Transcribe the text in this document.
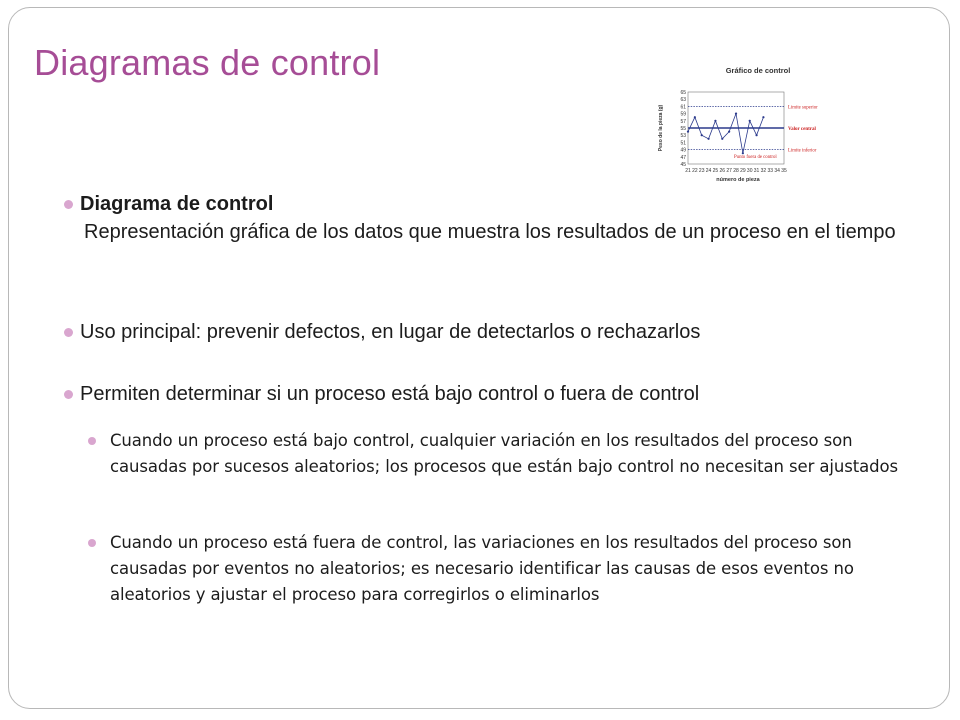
Diagramas de control	Gráfico de control
45
47
49
51
53
55
57
59
61
63
65
21 22 23 24 25 26 27 28 29 30 31 32 33 34 35
número de pieza
Peso de la pieza (g)	Límite superior
Valor central
Límite inferior
Punto fuera de control
Diagrama de control
Representación gráfica de los datos que muestra los resultados de un proceso en el tiempo
Uso principal: prevenir defectos, en lugar de detectarlos o rechazarlos
Permiten determinar si un proceso está bajo control o fuera de control
Cuando un proceso está bajo control, cualquier variación en los resultados del proceso son causadas por sucesos aleatorios; los procesos que están bajo control no necesitan ser ajustados
Cuando un proceso está fuera de control, las variaciones en los resultados del proceso son causadas por eventos no aleatorios; es necesario identificar las causas de esos eventos no aleatorios y ajustar el proceso para corregirlos o eliminarlos
